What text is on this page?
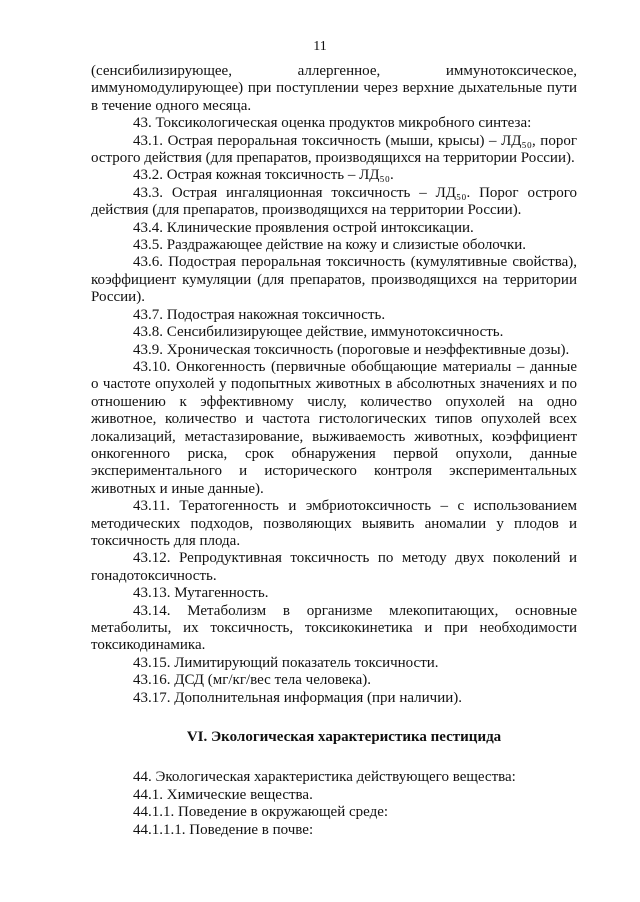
11

(сенсибилизирующее, аллергенное, иммунотоксическое, иммуномодулирующее) при поступлении через верхние дыхательные пути в течение одного месяца.

43. Токсикологическая оценка продуктов микробного синтеза:

43.1. Острая пероральная токсичность (мыши, крысы) – ЛД₅₀, порог острого действия (для препаратов, производящихся на территории России).

43.2. Острая кожная токсичность – ЛД₅₀.

43.3. Острая ингаляционная токсичность – ЛД₅₀. Порог острого действия (для препаратов, производящихся на территории России).

43.4. Клинические проявления острой интоксикации.

43.5. Раздражающее действие на кожу и слизистые оболочки.

43.6. Подострая пероральная токсичность (кумулятивные свойства), коэффициент кумуляции (для препаратов, производящихся на территории России).

43.7. Подострая накожная токсичность.

43.8. Сенсибилизирующее действие, иммунотоксичность.

43.9. Хроническая токсичность (пороговые и неэффективные дозы).

43.10. Онкогенность (первичные обобщающие материалы – данные о частоте опухолей у подопытных животных в абсолютных значениях и по отношению к эффективному числу, количество опухолей на одно животное, количество и частота гистологических типов опухолей всех локализаций, метастазирование, выживаемость животных, коэффициент онкогенного риска, срок обнаружения первой опухоли, данные экспериментального и исторического контроля экспериментальных животных и иные данные).

43.11. Тератогенность и эмбриотоксичность – с использованием методических подходов, позволяющих выявить аномалии у плодов и токсичность для плода.

43.12. Репродуктивная токсичность по методу двух поколений и гонадотоксичность.

43.13. Мутагенность.

43.14. Метаболизм в организме млекопитающих, основные метаболиты, их токсичность, токсикокинетика и при необходимости токсикодинамика.

43.15. Лимитирующий показатель токсичности.

43.16. ДСД (мг/кг/вес тела человека).

43.17. Дополнительная информация (при наличии).

VI. Экологическая характеристика пестицида

44. Экологическая характеристика действующего вещества:

44.1. Химические вещества.

44.1.1. Поведение в окружающей среде:

44.1.1.1. Поведение в почве:
